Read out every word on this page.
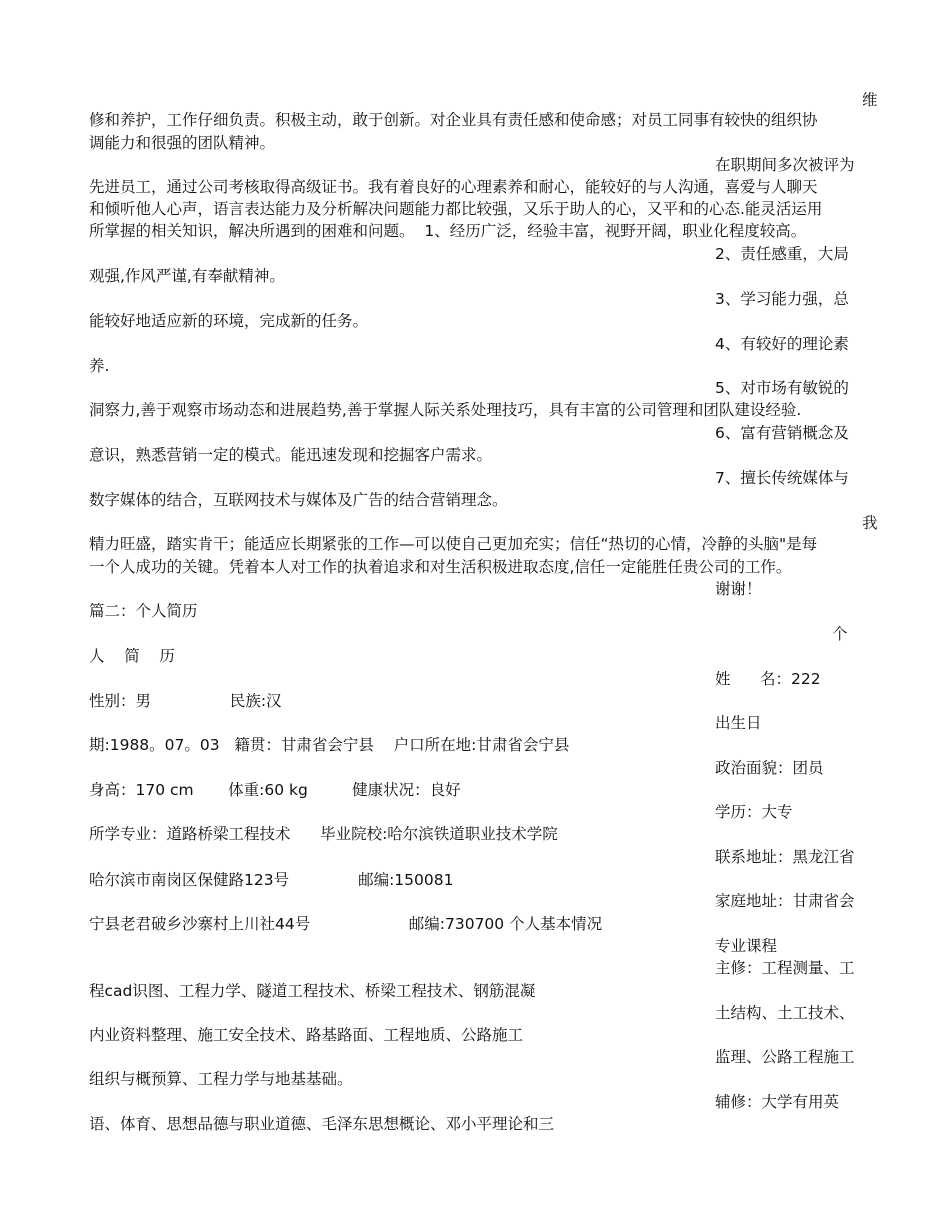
维
修和养护，工作仔细负责。积极主动，敢于创新。对企业具有责任感和使命感；对员工同事有较快的组织协
调能力和很强的团队精神。
在职期间多次被评为
先进员工，通过公司考核取得高级证书。我有着良好的心理素养和耐心，能较好的与人沟通，喜爱与人聊天
和倾听他人心声，语言表达能力及分析解决问题能力都比较强，又乐于助人的心，又平和的心态.能灵活运用
所掌握的相关知识，解决所遇到的困难和问题。  1、经历广泛，经验丰富，视野开阔，职业化程度较高。
2、责任感重，大局
观强,作风严谨,有奉献精神。
3、学习能力强，总
能较好地适应新的环境，完成新的任务。
4、有较好的理论素
养.
5、对市场有敏锐的
洞察力,善于观察市场动态和进展趋势,善于掌握人际关系处理技巧，具有丰富的公司管理和团队建设经验.
6、富有营销概念及
意识，熟悉营销一定的模式。能迅速发现和挖掘客户需求。
7、擅长传统媒体与
数字媒体的结合，互联网技术与媒体及广告的结合营销理念。
我
精力旺盛，踏实肯干；能适应长期紧张的工作—可以使自己更加充实；信任“热切的心情，冷静的头脑"是每
一个人成功的关键。凭着本人对工作的执着追求和对生活积极进取态度,信任一定能胜任贵公司的工作。
谢谢！
篇二：个人简历
个
人    简    历
姓      名：222
性别：男                民族:汉
出生日
期:1988。07。03   籍贯：甘肃省会宁县    户口所在地:甘肃省会宁县
政治面貌：团员
身高：170 cm       体重:60 kg         健康状况：良好
学历：大专
所学专业：道路桥梁工程技术      毕业院校:哈尔滨铁道职业技术学院
联系地址：黑龙江省
哈尔滨市南岗区保健路123号              邮编:150081
家庭地址：甘肃省会
宁县老君破乡沙寨村上川社44号                    邮编:730700 个人基本情况
专业课程
主修：工程测量、工
程cad识图、工程力学、隧道工程技术、桥梁工程技术、钢筋混凝
土结构、土工技术、
内业资料整理、施工安全技术、路基路面、工程地质、公路施工
监理、公路工程施工
组织与概预算、工程力学与地基基础。
辅修：大学有用英
语、体育、思想品德与职业道德、毛泽东思想概论、邓小平理论和三
